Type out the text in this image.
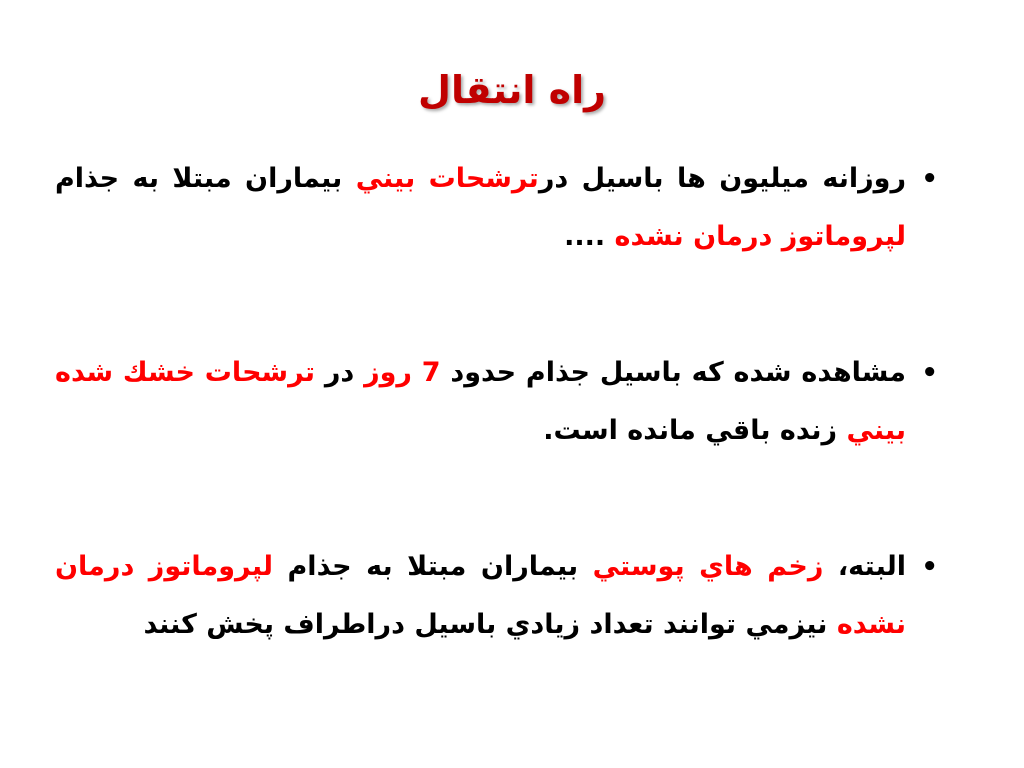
راه انتقال
•
روزانه ميليون ها باسيل درترشحات بيني بيماران مبتلا به جذام لپروماتوز درمان نشده ....
•
مشاهده شده كه باسيل جذام حدود 7 روز در ترشحات خشك شده بيني زنده باقي مانده است.
•
البته، زخم هاي پوستي بيماران مبتلا به جذام لپروماتوز درمان نشده نيزمي توانند تعداد زيادي باسيل دراطراف پخش كنند
